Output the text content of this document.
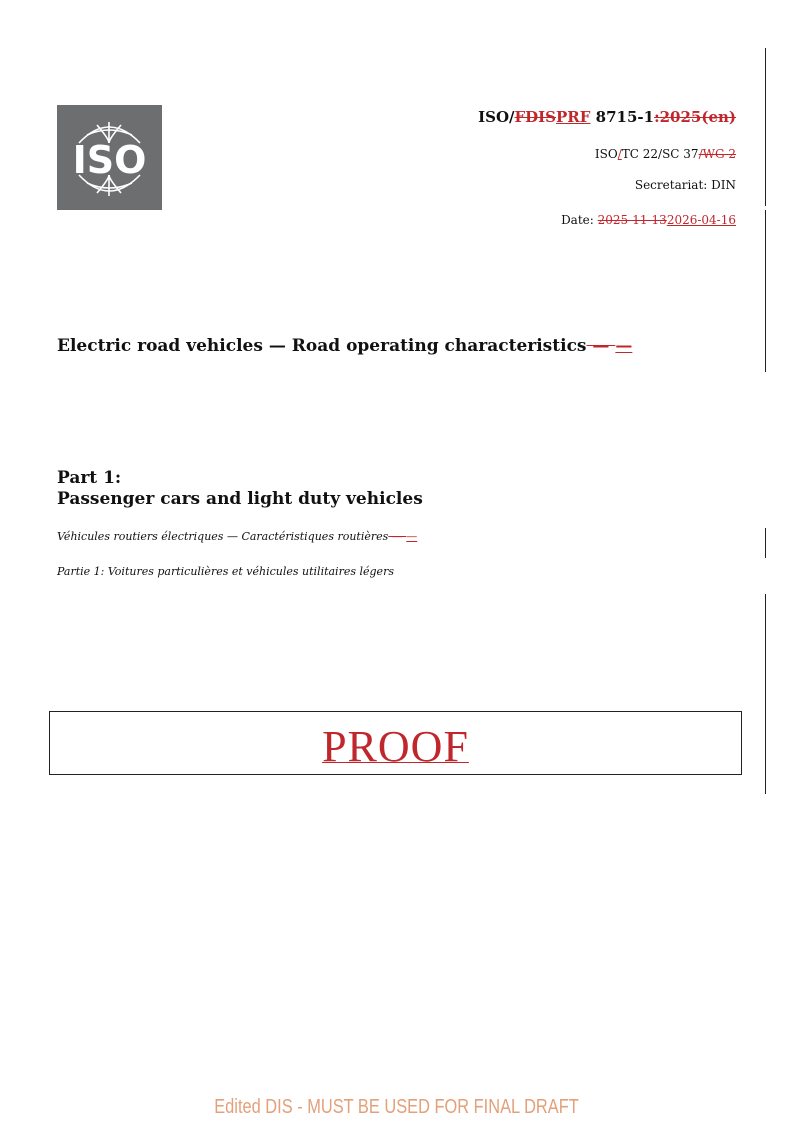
ISO
ISO/FDISPRF 8715-1:2025(en)
ISO/TC 22/SC 37/WG 2
Secretariat: DIN
Date: 2025-11-132026-04-16
Electric road vehicles — Road operating characteristics — —
Part 1:
Passenger cars and light duty vehicles
Véhicules routiers électriques — Caractéristiques routières — —
Partie 1: Voitures particulières et véhicules utilitaires légers
PROOF
Edited DIS - MUST BE USED FOR FINAL DRAFT
